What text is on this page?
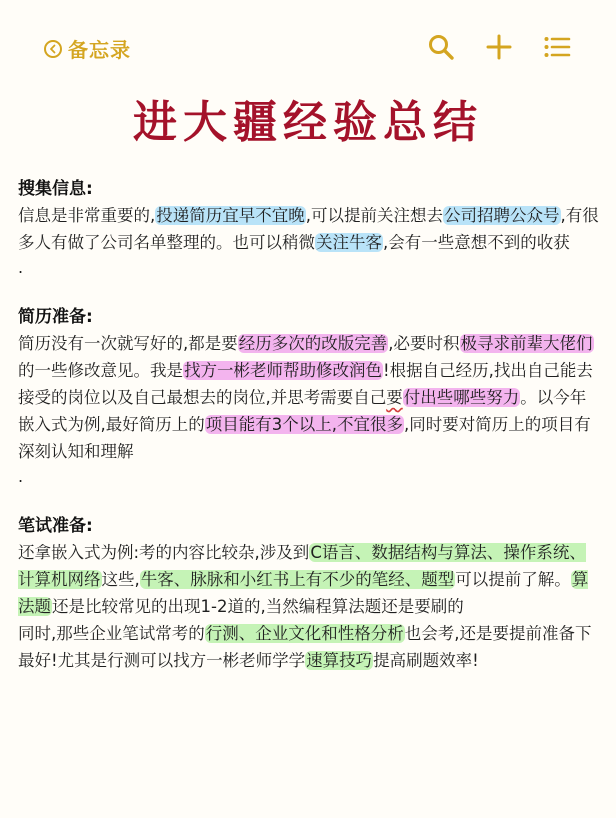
备忘录
进大疆经验总结
搜集信息:

信息是非常重要的,投递简历宜早不宜晚,可以提前关注想去公司招聘公众号,有很多人有做了公司名单整理的。也可以稍微关注牛客,会有一些意想不到的收获

.
简历准备:

简历没有一次就写好的,都是要经历多次的改版完善,必要时积极寻求前辈大佬们的一些修改意见。我是找方一彬老师帮助修改润色!根据自己经历,找出自己能去接受的岗位以及自己最想去的岗位,并思考需要自己要付出些哪些努力。以今年嵌入式为例,最好简历上的项目能有3个以上,不宜很多,同时要对简历上的项目有深刻认知和理解

.
笔试准备:

还拿嵌入式为例:考的内容比较杂,涉及到C语言、数据结构与算法、操作系统、计算机网络这些,牛客、脉脉和小红书上有不少的笔经、题型可以提前了解。算法题还是比较常见的出现1-2道的,当然编程算法题还是要刷的

同时,那些企业笔试常考的行测、企业文化和性格分析也会考,还是要提前准备下最好!尤其是行测可以找方一彬老师学学速算技巧提高刷题效率!
